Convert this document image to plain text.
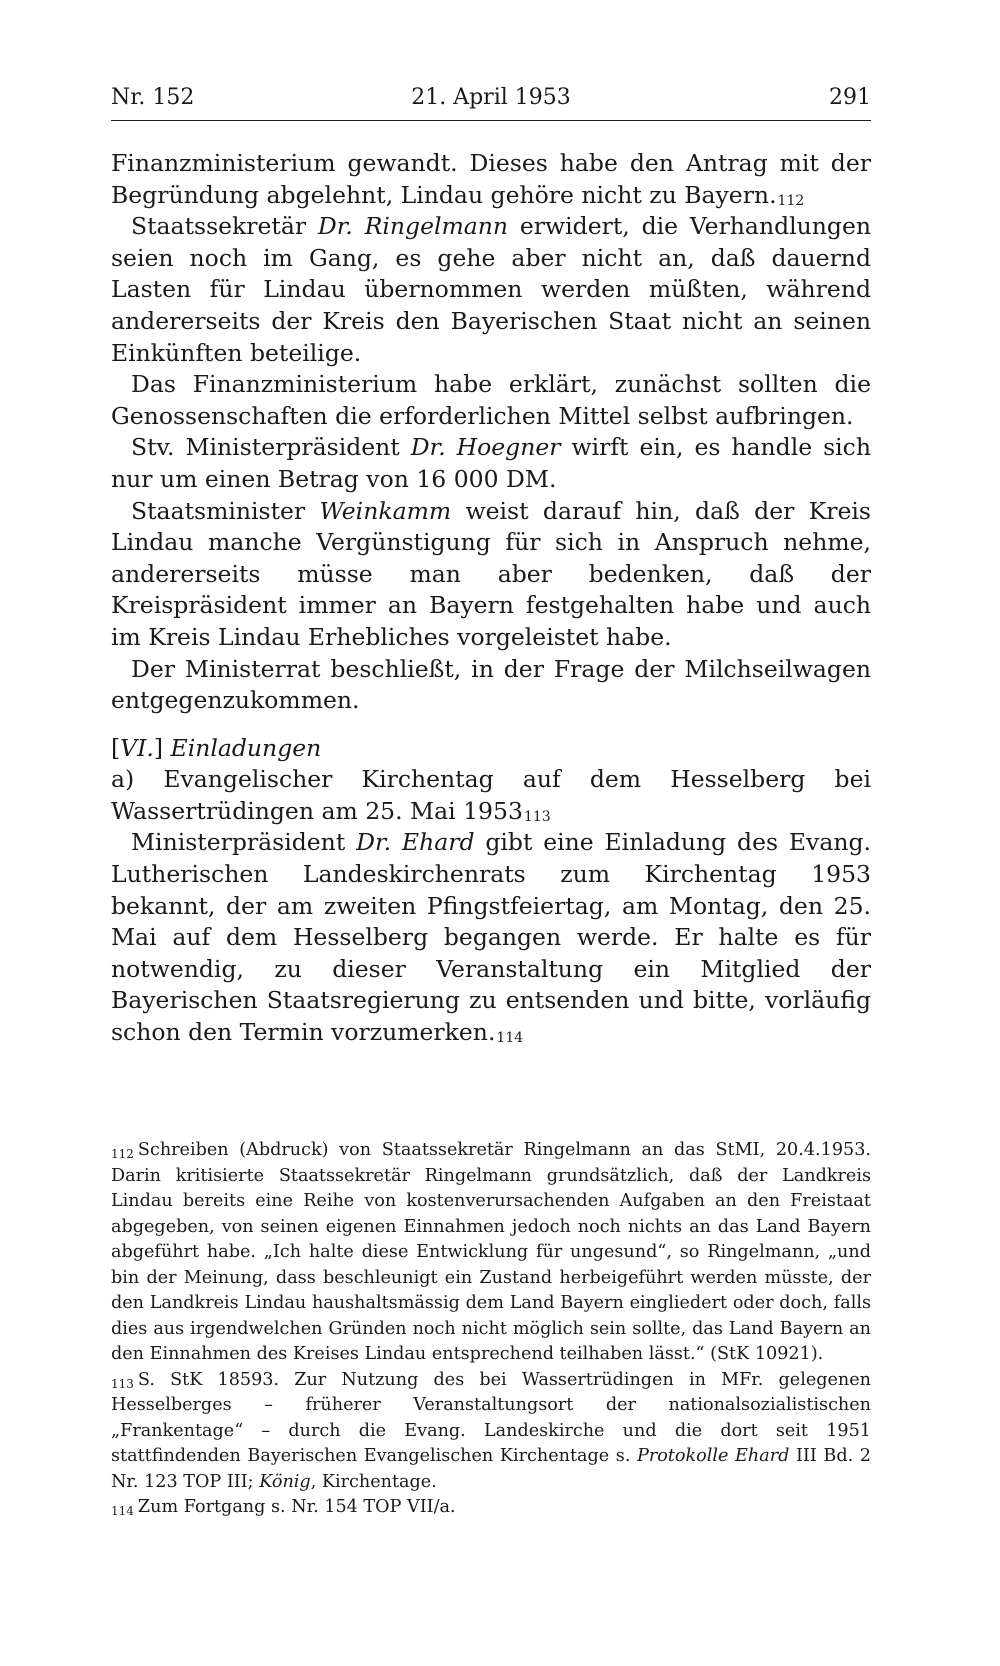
Nr. 152	21. April 1953	291

Finanzministerium gewandt. Dieses habe den Antrag mit der Begründung abgelehnt, Lindau gehöre nicht zu Bayern.$^{112}$

Staatssekretär Dr. Ringelmann erwidert, die Verhandlungen seien noch im Gang, es gehe aber nicht an, daß dauernd Lasten für Lindau übernommen werden müßten, während andererseits der Kreis den Bayerischen Staat nicht an seinen Einkünften beteilige.

Das Finanzministerium habe erklärt, zunächst sollten die Genossenschaften die erforderlichen Mittel selbst aufbringen.

Stv. Ministerpräsident Dr. Hoegner wirft ein, es handle sich nur um einen Betrag von 16 000 DM.

Staatsminister Weinkamm weist darauf hin, daß der Kreis Lindau manche Vergünstigung für sich in Anspruch nehme, andererseits müsse man aber bedenken, daß der Kreispräsident immer an Bayern festgehalten habe und auch im Kreis Lindau Erhebliches vorgeleistet habe.

Der Ministerrat beschließt, in der Frage der Milchseilwagen entgegenzukommen.

[VI.] Einladungen

a) Evangelischer Kirchentag auf dem Hesselberg bei Wassertrüdingen am 25. Mai 1953$^{113}$

Ministerpräsident Dr. Ehard gibt eine Einladung des Evang. Lutherischen Landeskirchenrats zum Kirchentag 1953 bekannt, der am zweiten Pfingstfeiertag, am Montag, den 25. Mai auf dem Hesselberg begangen werde. Er halte es für notwendig, zu dieser Veranstaltung ein Mitglied der Bayerischen Staatsregierung zu entsenden und bitte, vorläufig schon den Termin vorzumerken.$^{114}$

$^{112}$ Schreiben (Abdruck) von Staatssekretär Ringelmann an das StMI, 20.4.1953. Darin kritisierte Staatssekretär Ringelmann grundsätzlich, daß der Landkreis Lindau bereits eine Reihe von kostenverursachenden Aufgaben an den Freistaat abgegeben, von seinen eigenen Einnahmen jedoch noch nichts an das Land Bayern abgeführt habe. „Ich halte diese Entwicklung für ungesund“, so Ringelmann, „und bin der Meinung, dass beschleunigt ein Zustand herbeigeführt werden müsste, der den Landkreis Lindau haushaltsmässig dem Land Bayern eingliedert oder doch, falls dies aus irgendwelchen Gründen noch nicht möglich sein sollte, das Land Bayern an den Einnahmen des Kreises Lindau entsprechend teilhaben lässt.“ (StK 10921).

$^{113}$ S. StK 18593. Zur Nutzung des bei Wassertrüdingen in MFr. gelegenen Hesselberges – früherer Veranstaltungsort der nationalsozialistischen „Frankentage“ – durch die Evang. Landeskirche und die dort seit 1951 stattfindenden Bayerischen Evangelischen Kirchentage s. Protokolle Ehard III Bd. 2 Nr. 123 TOP III; König, Kirchentage.

$^{114}$ Zum Fortgang s. Nr. 154 TOP VII/a.
